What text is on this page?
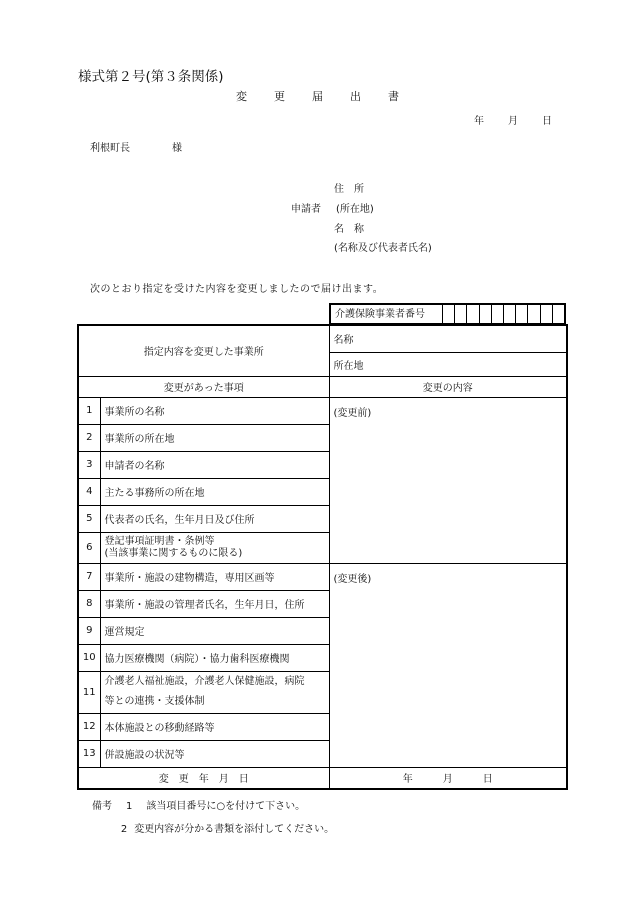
様式第２号(第３条関係)
変 更 届 出 書
年 月 日
利根町長	様
住　所
申請者 (所在地)
名　称
(名称及び代表者氏名)
次のとおり指定を受けた内容を変更しましたので届け出ます。
介護保険事業者番号
指定内容を変更した事業所		名称
		所在地
変更があった事項		変更の内容
1	事業所の名称	(変更前)
2	事業所の所在地	
3	申請者の名称	
4	主たる事務所の所在地	
5	代表者の氏名，生年月日及び住所	
6	登記事項証明書・条例等
(当該事業に関するものに限る)	

7	事業所・施設の建物構造，専用区画等	(変更後)
8	事業所・施設の管理者氏名，生年月日，住所	
9	運営規定	
10	協力医療機関（病院）・協力歯科医療機関	
11	介護老人福祉施設，介護老人保健施設，病院
等との連携・支援体制	

12	本体施設との移動経路等	
13	併設施設の状況等	
変　更　年　月　日		年　　　月　　　日
備考 1 該当項目番号に○を付けて下さい。
2 変更内容が分かる書類を添付してください。
